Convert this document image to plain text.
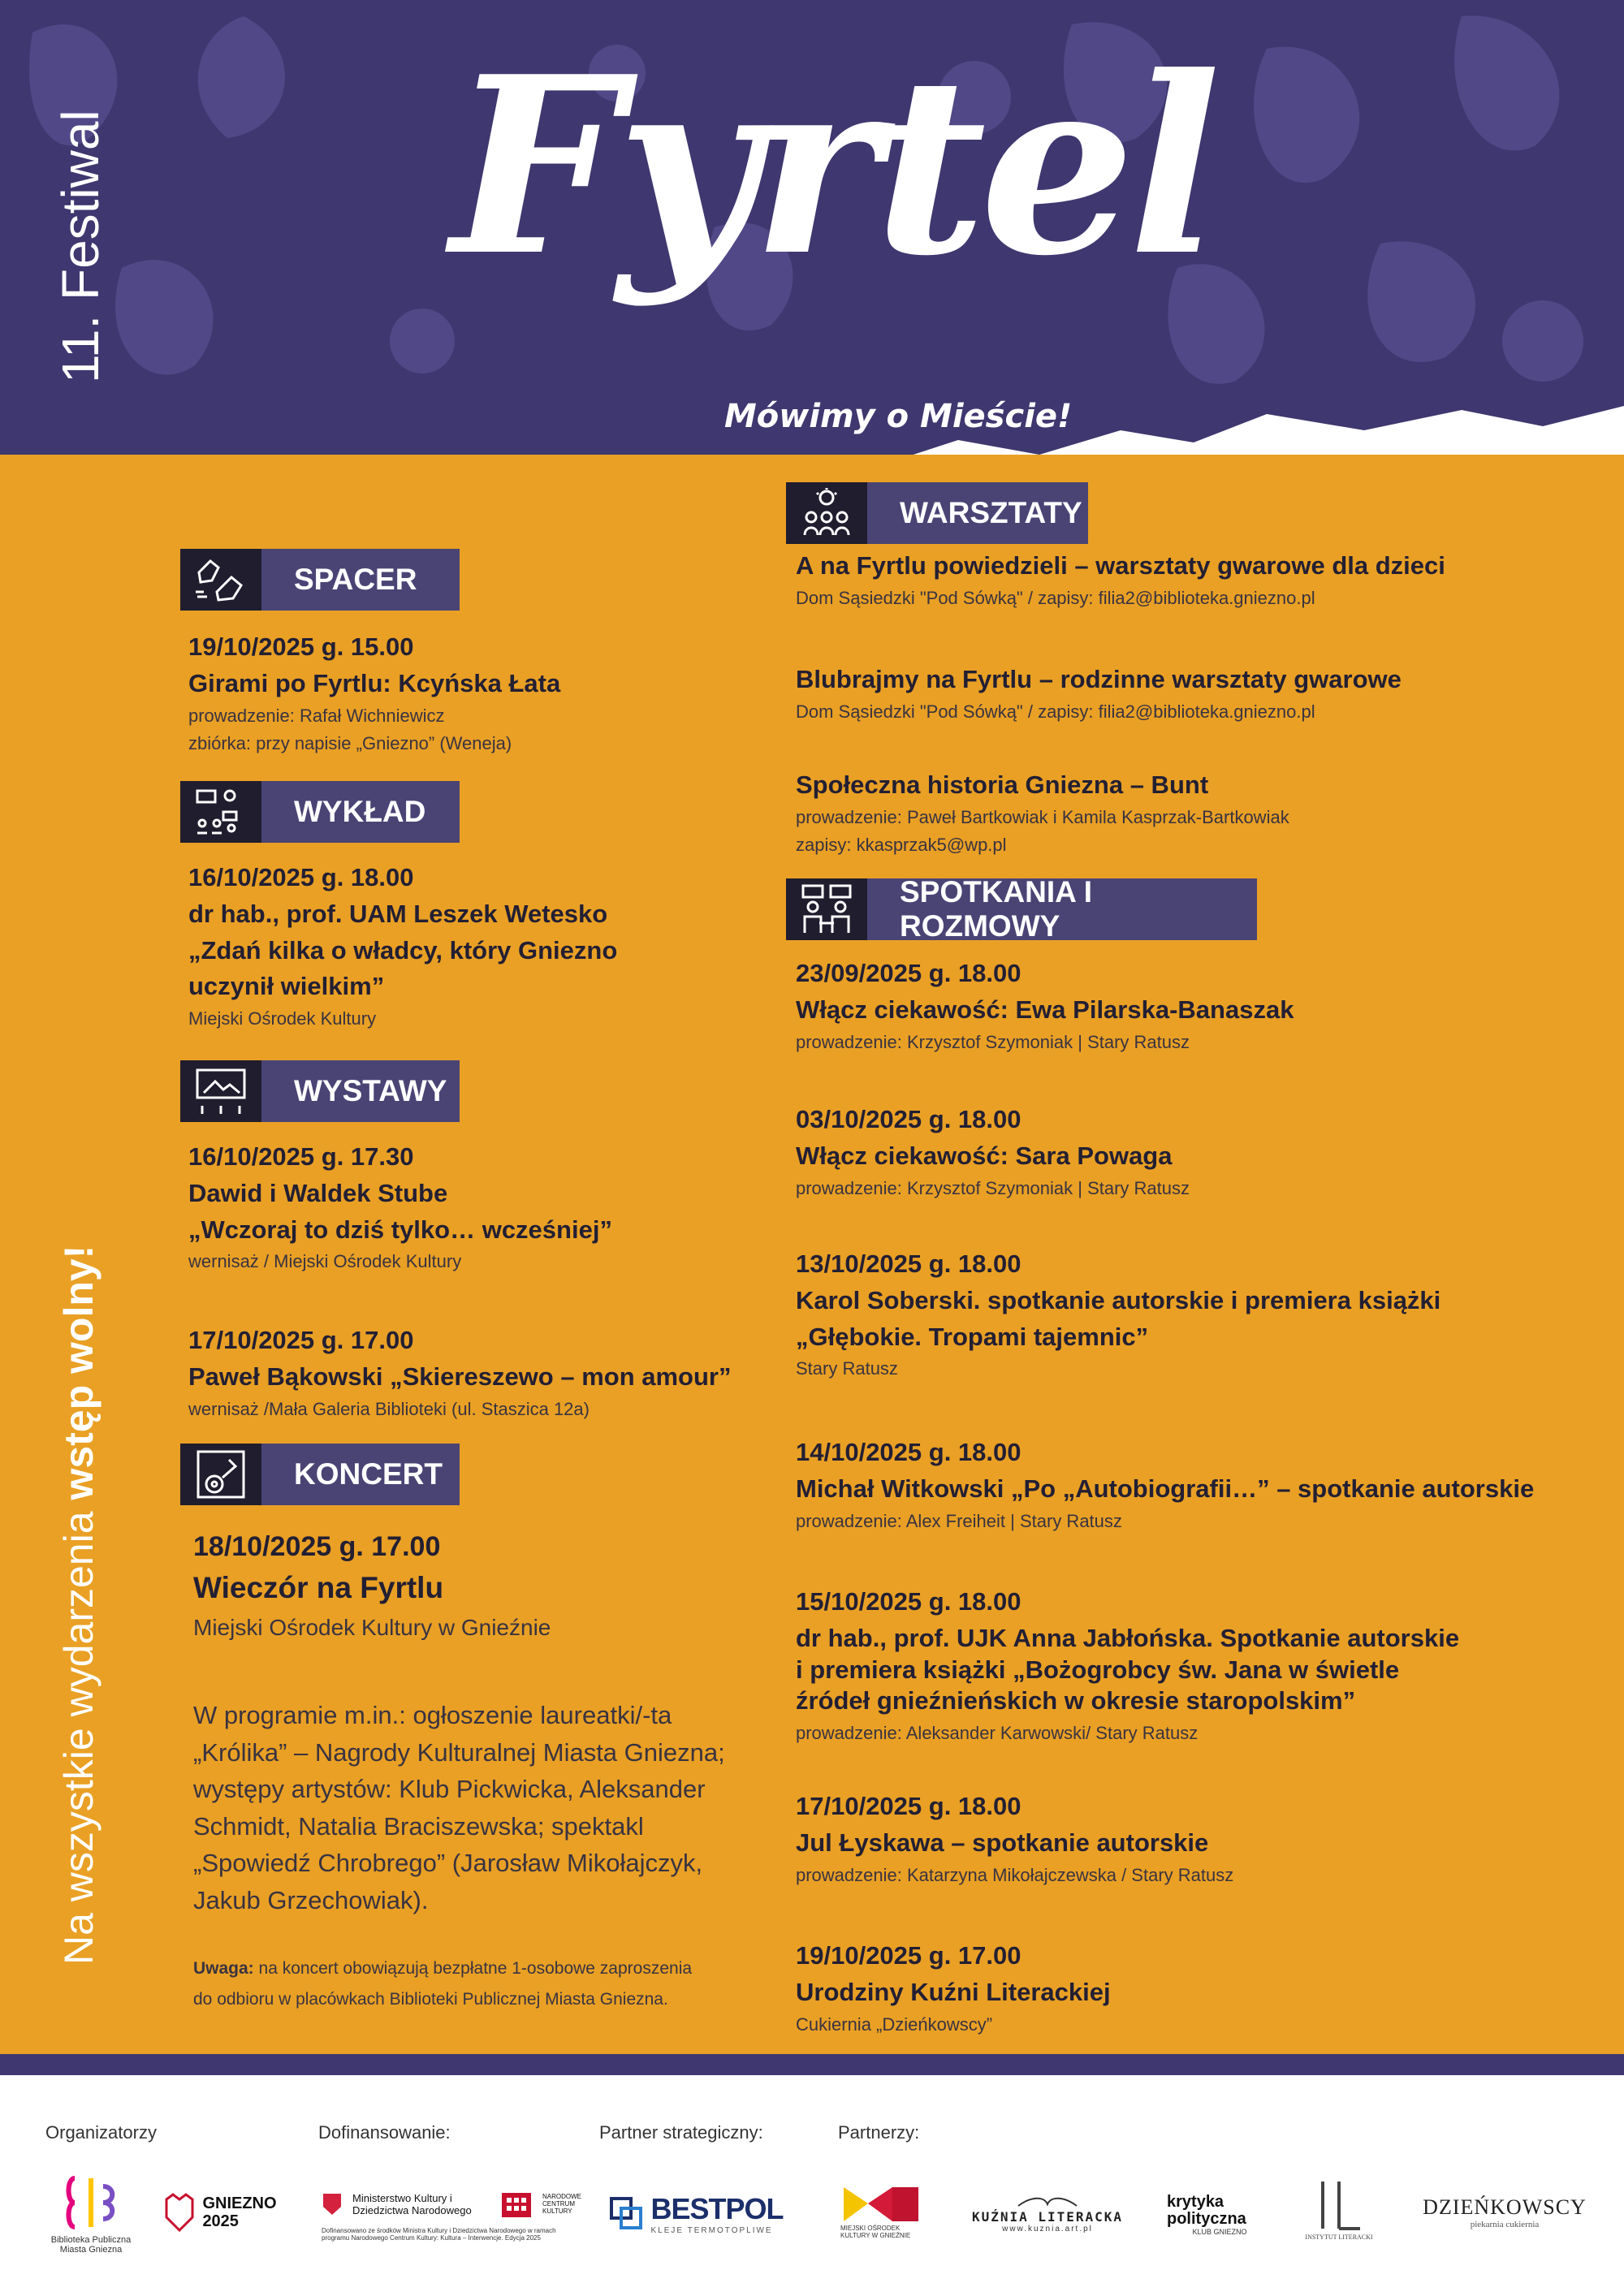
Fyrtel
Mówimy o Mieście!
11. Festiwal
Na wszystkie wydarzenia wstęp wolny!
SPACER
19/10/2025 g. 15.00
Girami po Fyrtlu: Kcyńska Łata
prowadzenie: Rafał Wichniewicz
zbiórka: przy napisie „Gniezno” (Weneja)
WYKŁAD
16/10/2025 g. 18.00
dr hab., prof. UAM Leszek Wetesko
„Zdań kilka o władcy, który Gniezno
uczynił wielkim”
Miejski Ośrodek Kultury
WYSTAWY
16/10/2025 g. 17.30
Dawid i Waldek Stube
„Wczoraj to dziś tylko… wcześniej”
wernisaż / Miejski Ośrodek Kultury
17/10/2025 g. 17.00
Paweł Bąkowski „Skiereszewo – mon amour”
wernisaż /Mała Galeria Biblioteki (ul. Staszica 12a)
KONCERT
18/10/2025 g. 17.00
Wieczór na Fyrtlu
Miejski Ośrodek Kultury w Gnieźnie
W programie m.in.: ogłoszenie laureatki/-ta
„Królika” – Nagrody Kulturalnej Miasta Gniezna;
występy artystów: Klub Pickwicka, Aleksander
Schmidt, Natalia Braciszewska; spektakl
„Spowiedź Chrobrego” (Jarosław Mikołajczyk,
Jakub Grzechowiak).
Uwaga: na koncert obowiązują bezpłatne 1-osobowe zaproszenia
do odbioru w placówkach Biblioteki Publicznej Miasta Gniezna.
WARSZTATY
A na Fyrtlu powiedzieli – warsztaty gwarowe dla dzieci
Dom Sąsiedzki "Pod Sówką" / zapisy: filia2@biblioteka.gniezno.pl
Blubrajmy na Fyrtlu – rodzinne warsztaty gwarowe
Dom Sąsiedzki "Pod Sówką" / zapisy: filia2@biblioteka.gniezno.pl
Społeczna historia Gniezna – Bunt
prowadzenie: Paweł Bartkowiak i Kamila Kasprzak-Bartkowiak
zapisy: kkasprzak5@wp.pl
SPOTKANIA I ROZMOWY
23/09/2025 g. 18.00
Włącz ciekawość: Ewa Pilarska-Banaszak
prowadzenie: Krzysztof Szymoniak | Stary Ratusz
03/10/2025 g. 18.00
Włącz ciekawość: Sara Powaga
prowadzenie: Krzysztof Szymoniak | Stary Ratusz
13/10/2025 g. 18.00
Karol Soberski. spotkanie autorskie i premiera książki
„Głębokie. Tropami tajemnic”
Stary Ratusz
14/10/2025 g. 18.00
Michał Witkowski „Po „Autobiografii…” – spotkanie autorskie
prowadzenie: Alex Freiheit | Stary Ratusz
15/10/2025 g. 18.00
dr hab., prof. UJK Anna Jabłońska. Spotkanie autorskie
i premiera książki „Bożogrobcy św. Jana w świetle
źródeł gnieźnieńskich w okresie staropolskim”
prowadzenie: Aleksander Karwowski/ Stary Ratusz
17/10/2025 g. 18.00
Jul Łyskawa – spotkanie autorskie
prowadzenie: Katarzyna Mikołajczewska / Stary Ratusz
19/10/2025 g. 17.00
Urodziny Kuźni Literackiej
Cukiernia „Dzieńkowscy”
Organizatorzy	Dofinansowanie:	Partner strategiczny:	Partnerzy:
Biblioteka Publiczna Miasta Gniezna
GNIEZNO
2025
Ministerstwo Kultury i Dziedzictwa Narodowego
NARODOWE CENTRUM KULTURY
Dofinansowano ze środków Ministra Kultury i Dziedzictwa Narodowego w ramach programu Narodowego Centrum Kultury: Kultura – Interwencje. Edycja 2025
BESTPOL
KLEJE TERMOTOPLIWE	MIEJSKI OŚRODEK KULTURY W GNIEŹNIE
KUŹNIA LITERACKA
www.kuznia.art.pl
krytyka polityczna
KLUB GNIEZNO
INSTYTUT LITERACKI
DZIEŃKOWSCY
piekarnia cukiernia
